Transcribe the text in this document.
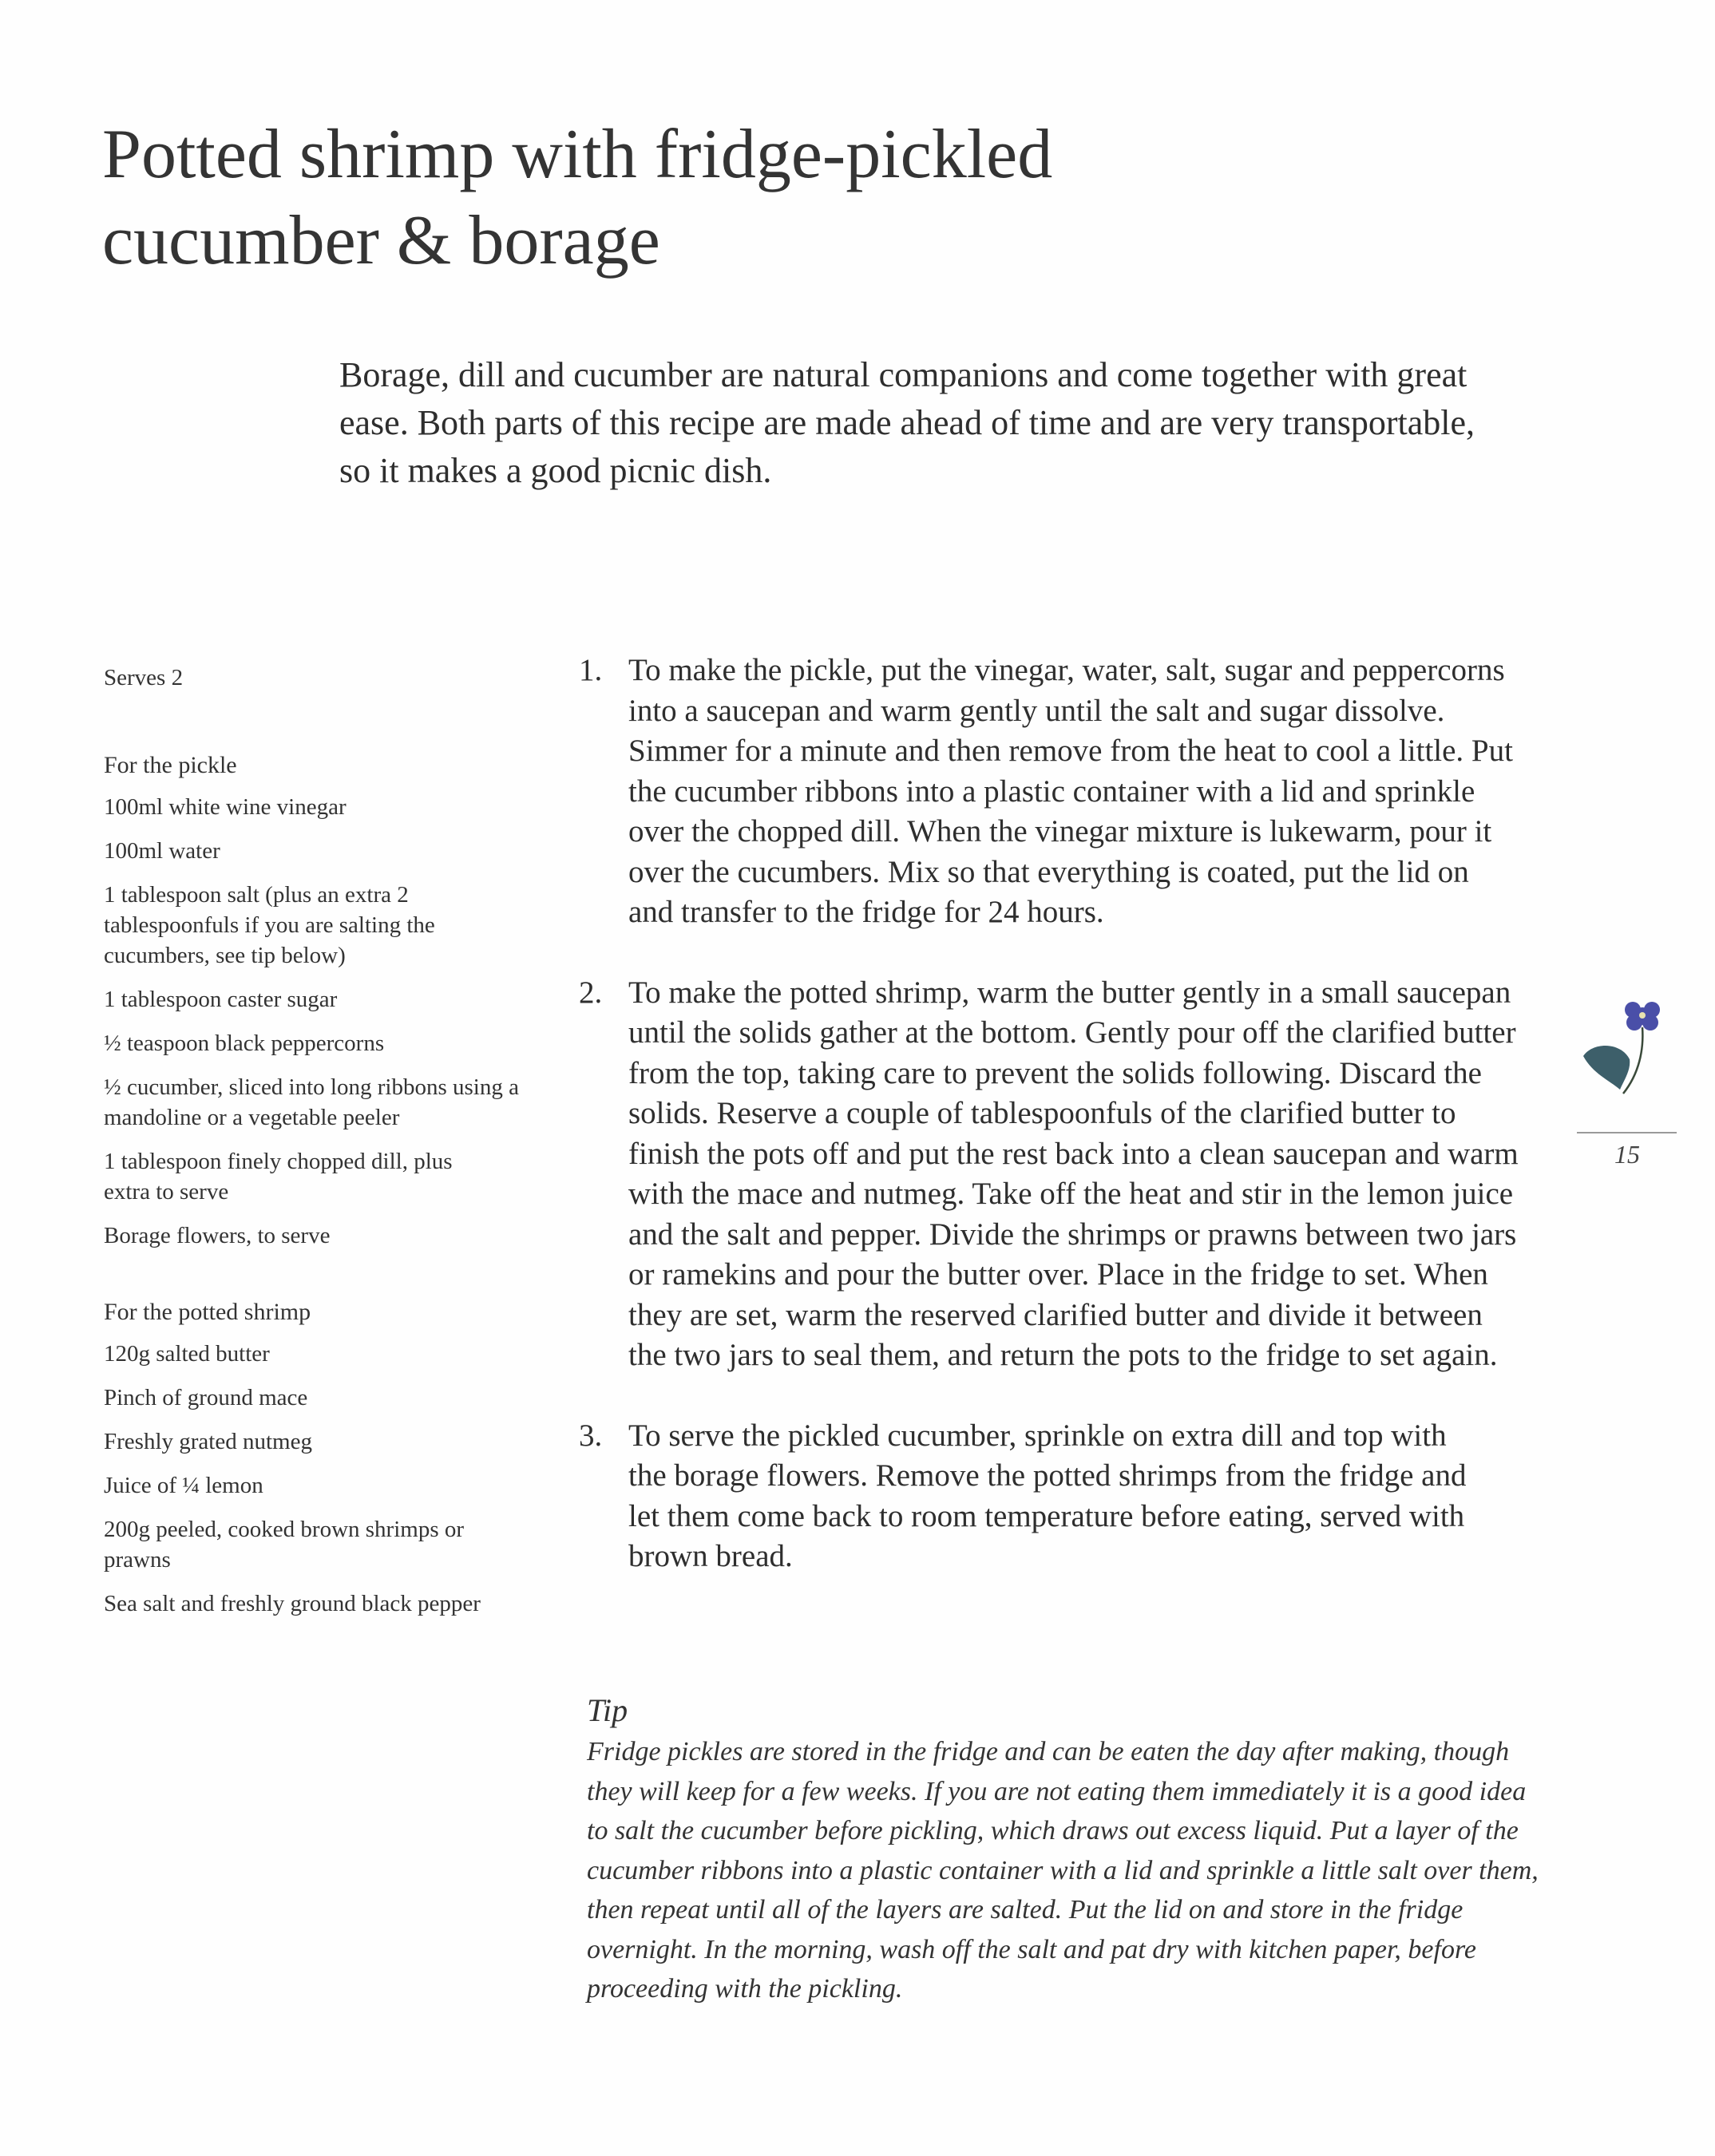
Potted shrimp with fridge-pickled cucumber & borage

Borage, dill and cucumber are natural companions and come together with great ease. Both parts of this recipe are made ahead of time and are very transportable, so it makes a good picnic dish.

Serves 2

For the pickle

100ml white wine vinegar
100ml water
1 tablespoon salt (plus an extra 2 tablespoonfuls if you are salting the cucumbers, see tip below)
1 tablespoon caster sugar
½ teaspoon black peppercorns
½ cucumber, sliced into long ribbons using a mandoline or a vegetable peeler
1 tablespoon finely chopped dill, plus extra to serve
Borage flowers, to serve

For the potted shrimp

120g salted butter
Pinch of ground mace
Freshly grated nutmeg
Juice of ¼ lemon
200g peeled, cooked brown shrimps or prawns
Sea salt and freshly ground black pepper
1. To make the pickle, put the vinegar, water, salt, sugar and peppercorns into a saucepan and warm gently until the salt and sugar dissolve. Simmer for a minute and then remove from the heat to cool a little. Put the cucumber ribbons into a plastic container with a lid and sprinkle over the chopped dill. When the vinegar mixture is lukewarm, pour it over the cucumbers. Mix so that everything is coated, put the lid on and transfer to the fridge for 24 hours.
2. To make the potted shrimp, warm the butter gently in a small saucepan until the solids gather at the bottom. Gently pour off the clarified butter from the top, taking care to prevent the solids following. Discard the solids. Reserve a couple of tablespoonfuls of the clarified butter to finish the pots off and put the rest back into a clean saucepan and warm with the mace and nutmeg. Take off the heat and stir in the lemon juice and the salt and pepper. Divide the shrimps or prawns between two jars or ramekins and pour the butter over. Place in the fridge to set. When they are set, warm the reserved clarified butter and divide it between the two jars to seal them, and return the pots to the fridge to set again.
3. To serve the pickled cucumber, sprinkle on extra dill and top with the borage flowers. Remove the potted shrimps from the fridge and let them come back to room temperature before eating, served with brown bread.

Tip

Fridge pickles are stored in the fridge and can be eaten the day after making, though they will keep for a few weeks. If you are not eating them immediately it is a good idea to salt the cucumber before pickling, which draws out excess liquid. Put a layer of the cucumber ribbons into a plastic container with a lid and sprinkle a little salt over them, then repeat until all of the layers are salted. Put the lid on and store in the fridge overnight. In the morning, wash off the salt and pat dry with kitchen paper, before proceeding with the pickling.

15
